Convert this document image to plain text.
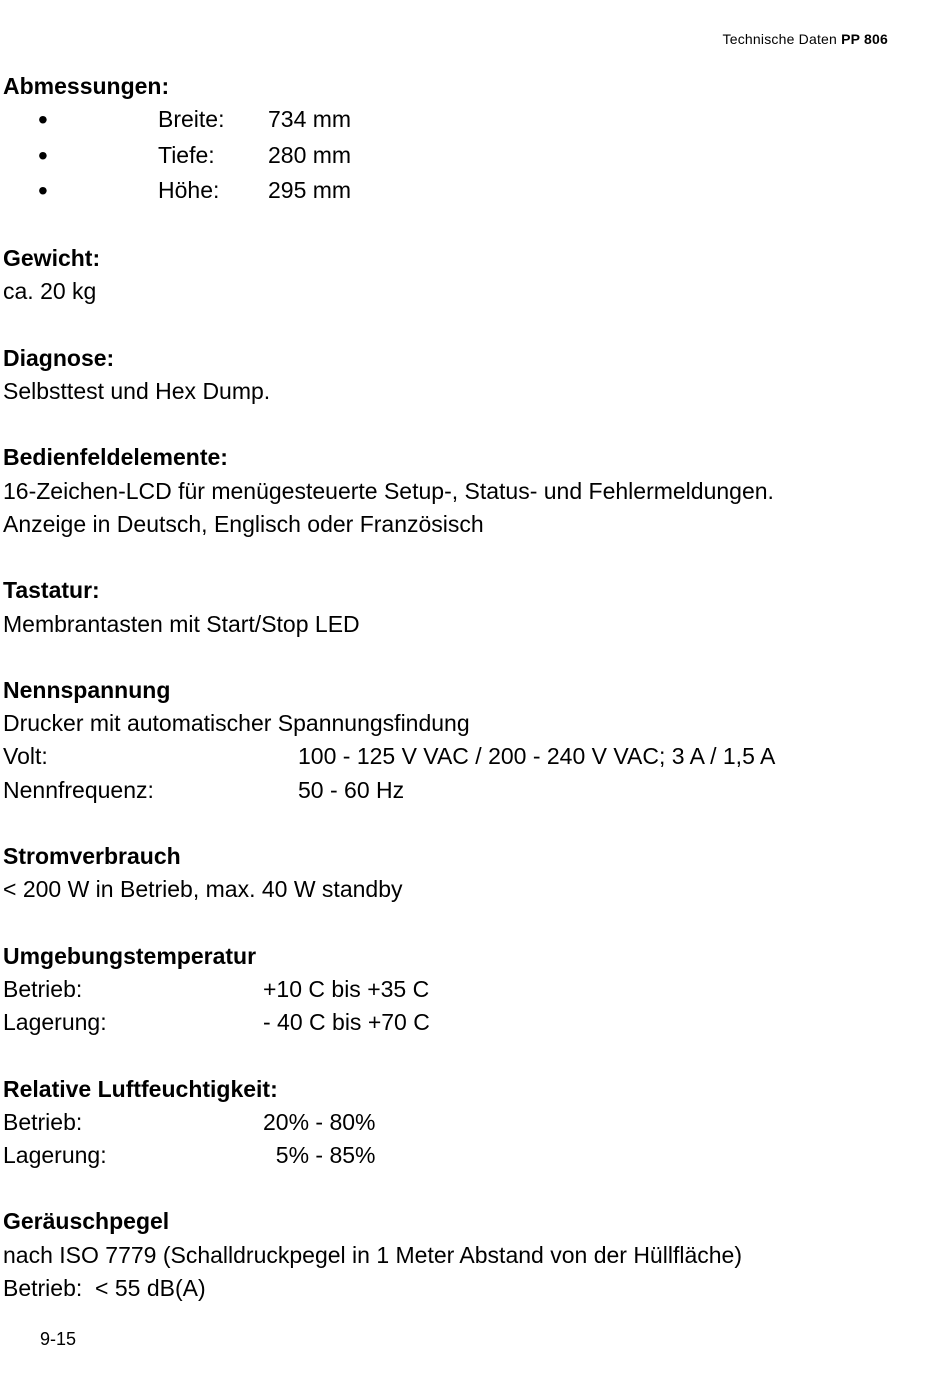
Technische Daten PP 806
Abmessungen:
•
Breite:	734 mm
•
Tiefe:	280 mm
•
Höhe:	295 mm
Gewicht:
ca. 20 kg
Diagnose:
Selbsttest und Hex Dump.
Bedienfeldelemente:
16-Zeichen-LCD für menügesteuerte Setup-, Status- und Fehlermeldungen.
Anzeige in Deutsch, Englisch oder Französisch
Tastatur:
Membrantasten mit Start/Stop LED
Nennspannung
Drucker mit automatischer Spannungsfindung
Volt:	100 - 125 V VAC / 200 - 240 V VAC; 3 A / 1,5 A
Nennfrequenz:	50 - 60 Hz
Stromverbrauch
< 200 W in Betrieb, max. 40 W standby
Umgebungstemperatur
Betrieb:	+10 C bis +35 C
Lagerung:	- 40 C bis +70 C
Relative Luftfeuchtigkeit:
Betrieb:	20% - 80%
Lagerung:	5% - 85%
Geräuschpegel
nach ISO 7779 (Schalldruckpegel in 1 Meter Abstand von der Hüllfläche)
Betrieb:  < 55 dB(A)
9-15
